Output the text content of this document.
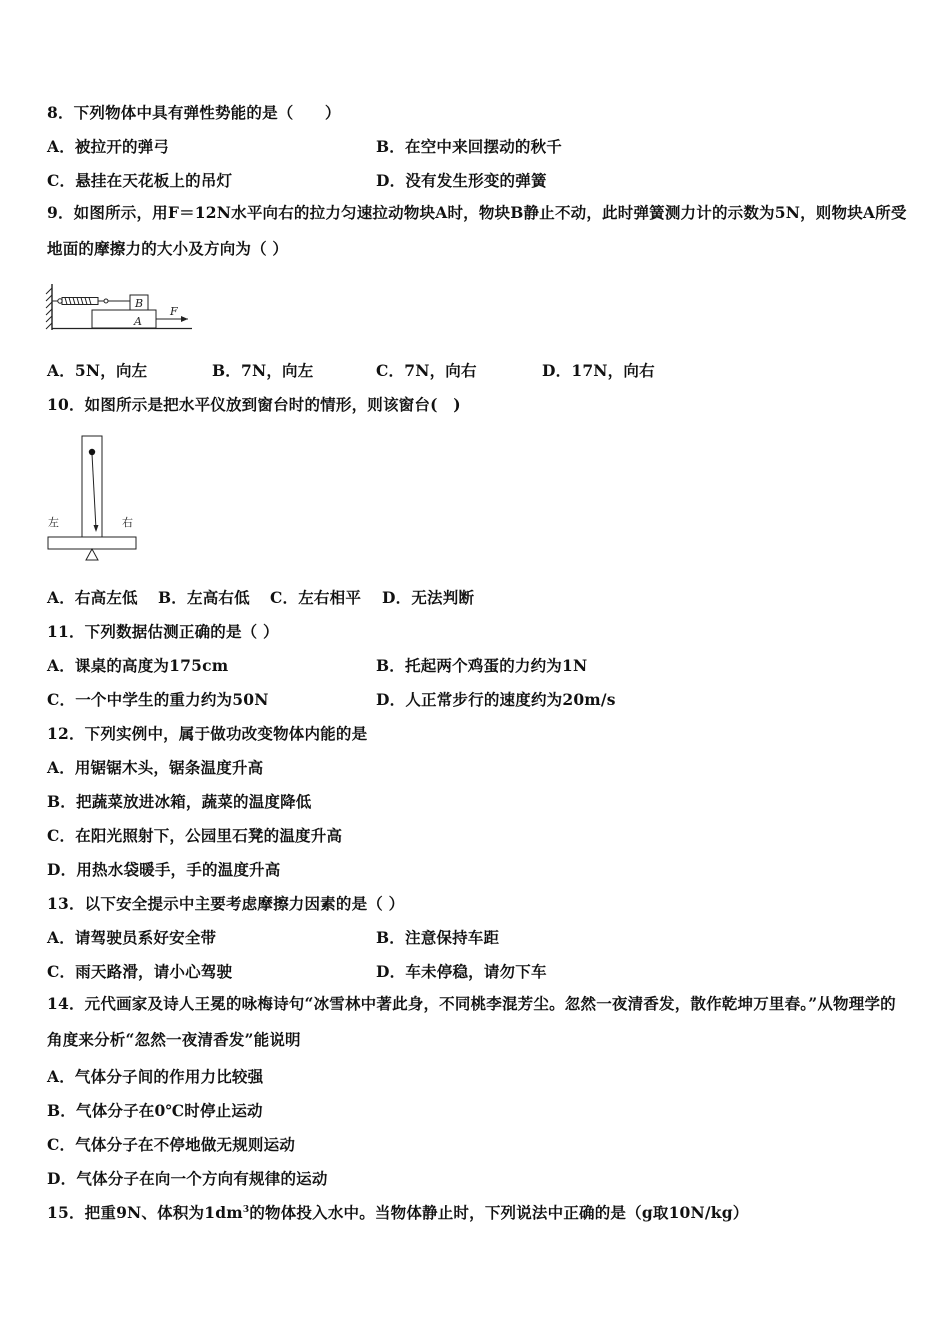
8．下列物体中具有弹性势能的是（　　）
A．被拉开的弹弓	B．在空中来回摆动的秋千
C．悬挂在天花板上的吊灯	D．没有发生形变的弹簧
9．如图所示，用F＝12N水平向右的拉力匀速拉动物块A时，物块B静止不动，此时弹簧测力计的示数为5N，则物块A所受地面的摩擦力的大小及方向为（ ）
B
A
F
A．5N，向左	B．7N，向左	C．7N，向右	D．17N，向右
10．如图所示是把水平仪放到窗台时的情形，则该窗台(　)
左	右
A．右高左低 B．左高右低 C．左右相平 D．无法判断
11．下列数据估测正确的是（ ）
A．课桌的高度为175cm	B．托起两个鸡蛋的力约为1N
C．一个中学生的重力约为50N	D．人正常步行的速度约为20m/s
12．下列实例中，属于做功改变物体内能的是
A．用锯锯木头，锯条温度升高
B．把蔬菜放进冰箱，蔬菜的温度降低
C．在阳光照射下，公园里石凳的温度升高
D．用热水袋暖手，手的温度升高
13．以下安全提示中主要考虑摩擦力因素的是（ ）
A．请驾驶员系好安全带	B．注意保持车距
C．雨天路滑，请小心驾驶	D．车未停稳，请勿下车
14．元代画家及诗人王冕的咏梅诗句“冰雪林中著此身，不同桃李混芳尘。忽然一夜清香发，散作乾坤万里春。”从物理学的角度来分析“忽然一夜清香发”能说明
A．气体分子间的作用力比较强
B．气体分子在0℃时停止运动
C．气体分子在不停地做无规则运动
D．气体分子在向一个方向有规律的运动
15．把重9N、体积为$1dm^3$的物体投入水中。当物体静止时，下列说法中正确的是（g取10N/kg）
